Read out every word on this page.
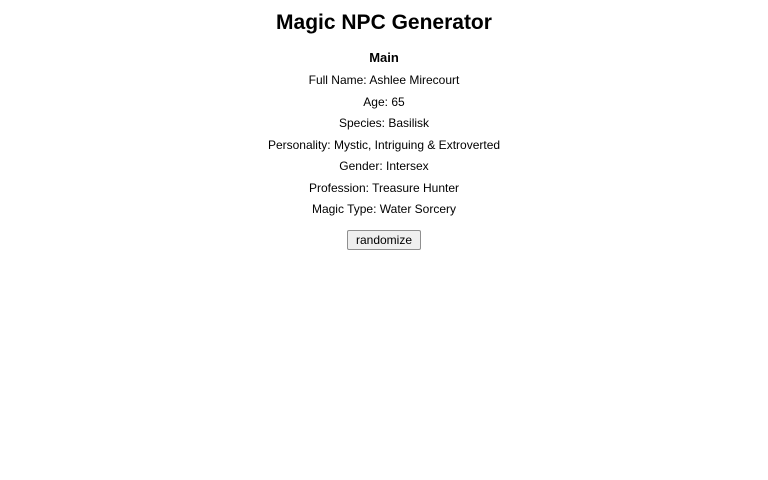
Magic NPC Generator
Main

Full Name: Ashlee Mirecourt

Age: 65

Species: Basilisk

Personality: Mystic, Intriguing & Extroverted

Gender: Intersex

Profession: Treasure Hunter

Magic Type: Water Sorcery

randomize
